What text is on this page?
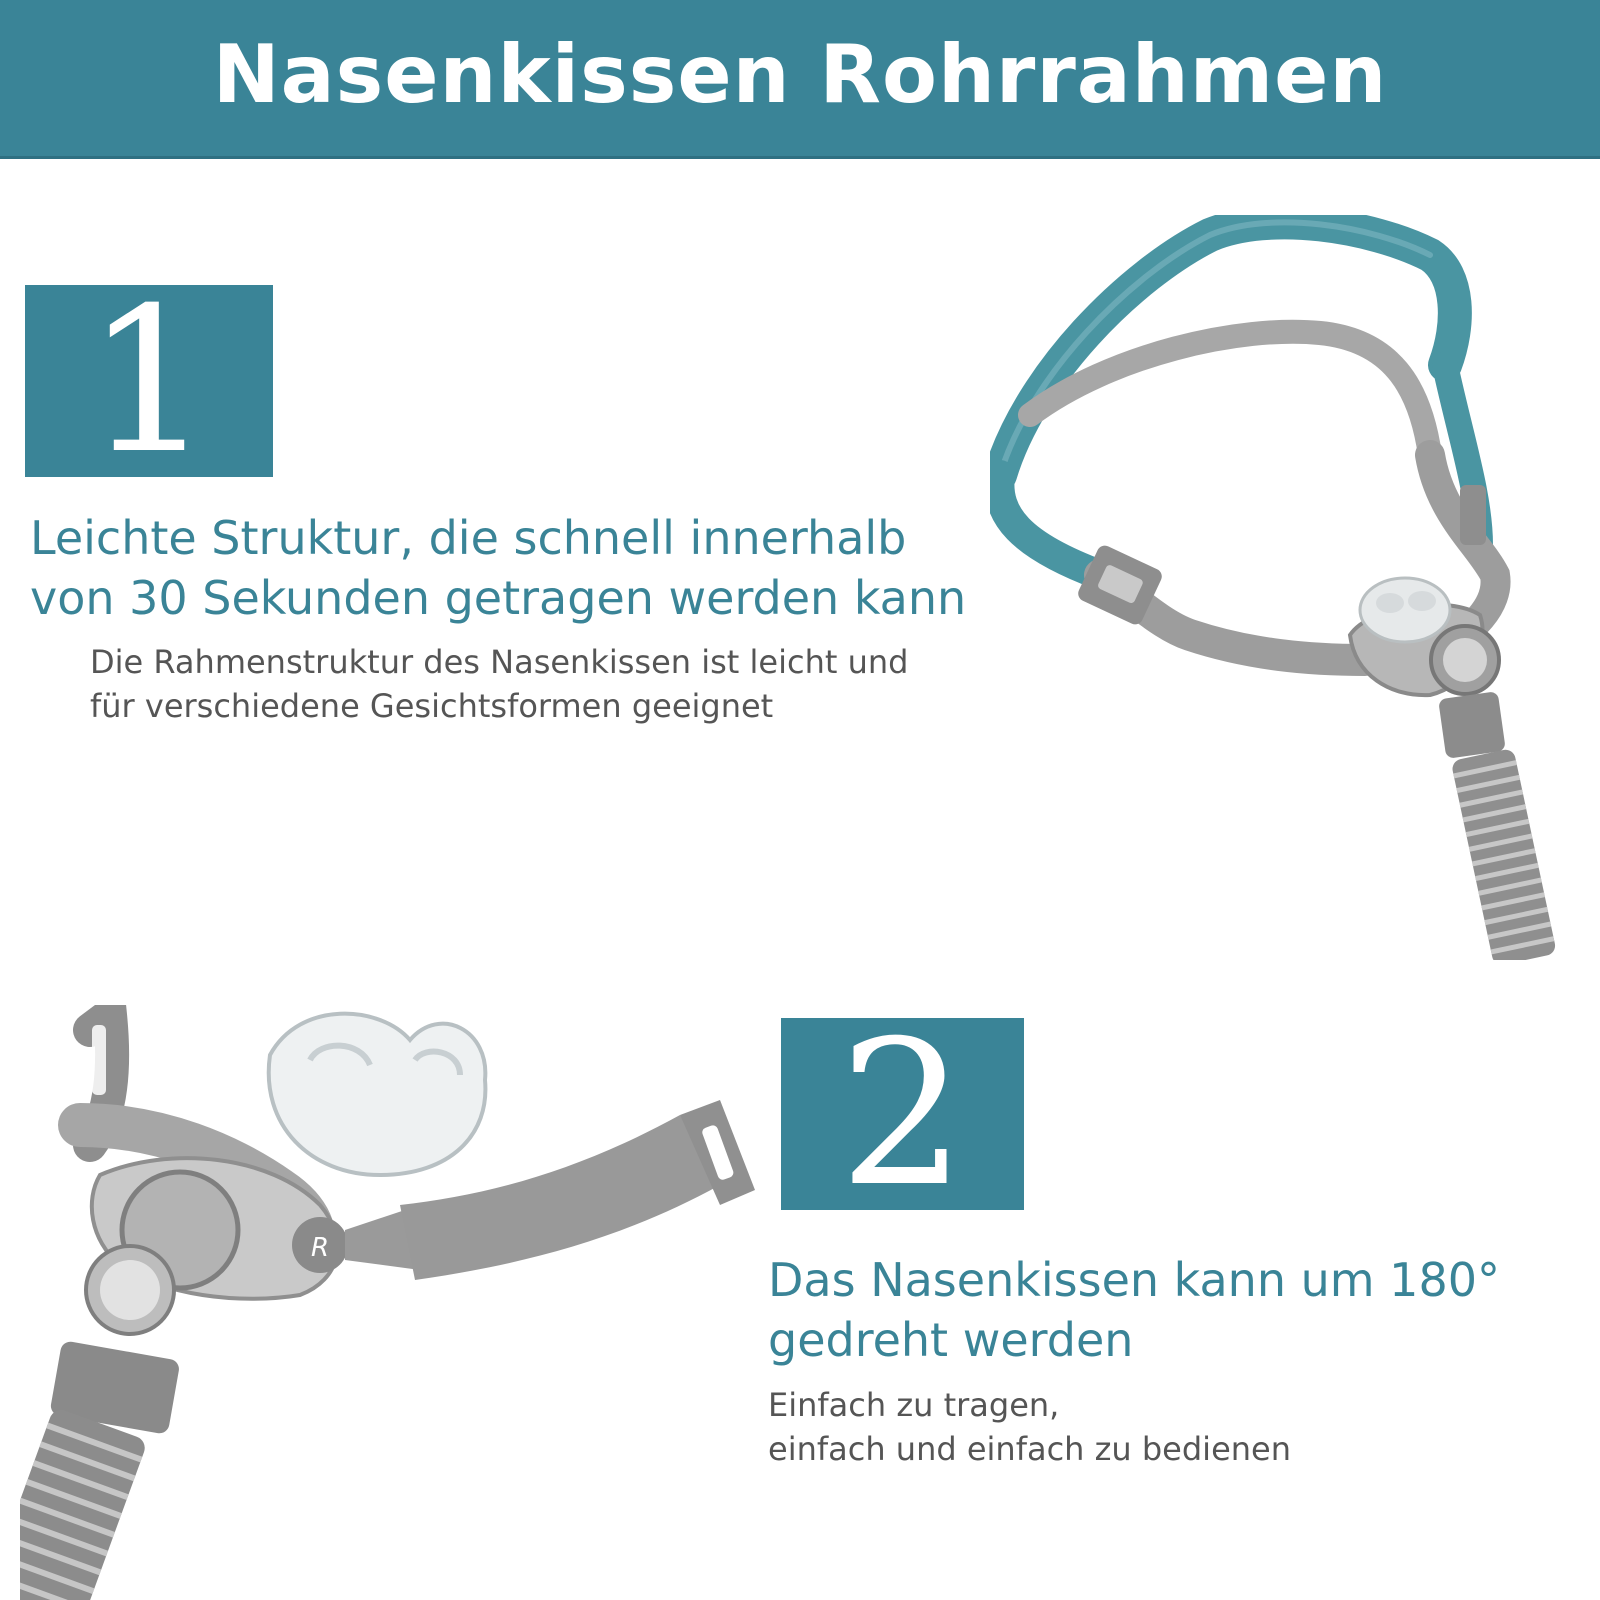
Nasenkissen Rohrrahmen
1
Leichte Struktur, die schnell innerhalb
von 30 Sekunden getragen werden kann

Die Rahmenstruktur des Nasenkissen ist leicht und
für verschiedene Gesichtsformen geeignet

R
2
Das Nasenkissen kann um 180°
gedreht werden

Einfach zu tragen,
einfach und einfach zu bedienen
